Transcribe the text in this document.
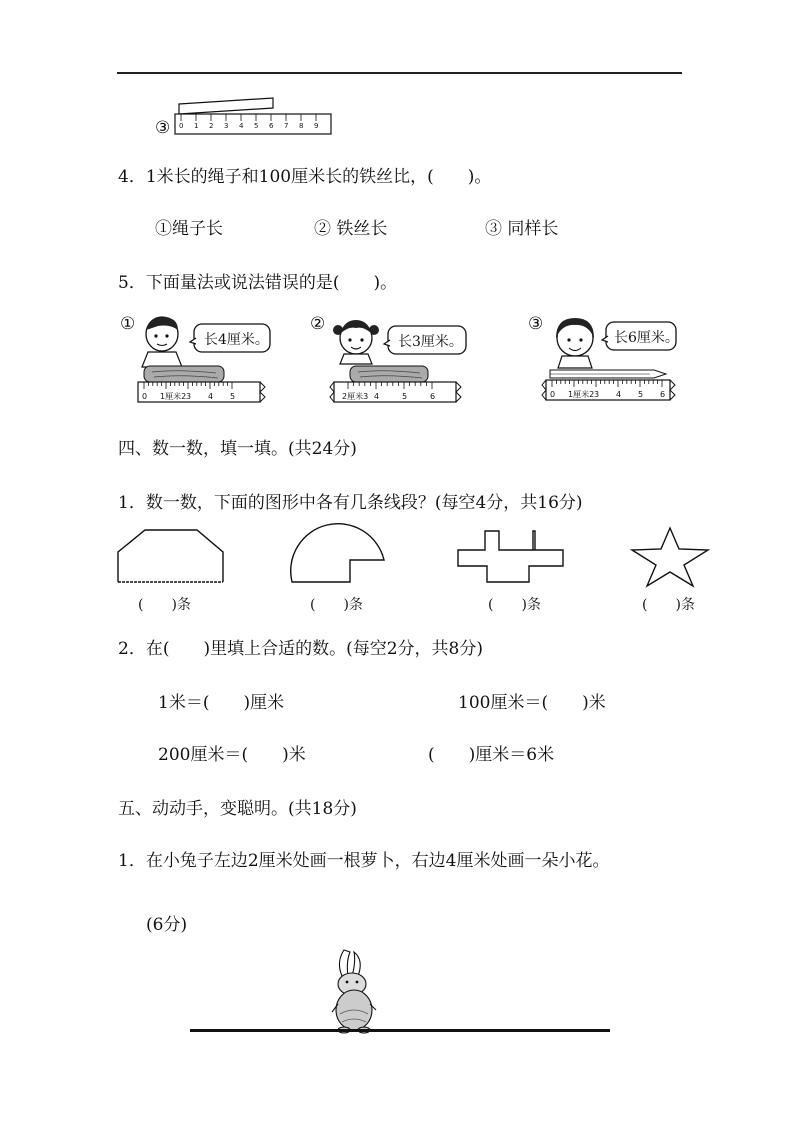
③ 0 1 2 3 4 5 6 7 8 9
4．1米长的绳子和100厘米长的铁丝比，(　　)。
①绳子长	② 铁丝长	③ 同样长
5．下面量法或说法错误的是(　　)。
①
长4厘米。
0 1厘米2 3 4 5
②
长3厘米。
2厘米3 4	5	6
③
长6厘米。
0 1厘米2 3 4 5 6
四、数一数，填一填。(共24分)
1．数一数，下面的图形中各有几条线段？(每空4分，共16分)
(　　)条	(　　)条	(　　)条	(　　)条
2．在(　　)里填上合适的数。(每空2分，共8分)
1米＝(　　)厘米	100厘米＝(　　)米
200厘米＝(　　)米	(　　)厘米＝6米
五、动动手，变聪明。(共18分)
1．在小兔子左边2厘米处画一根萝卜，右边4厘米处画一朵小花。
(6分)
